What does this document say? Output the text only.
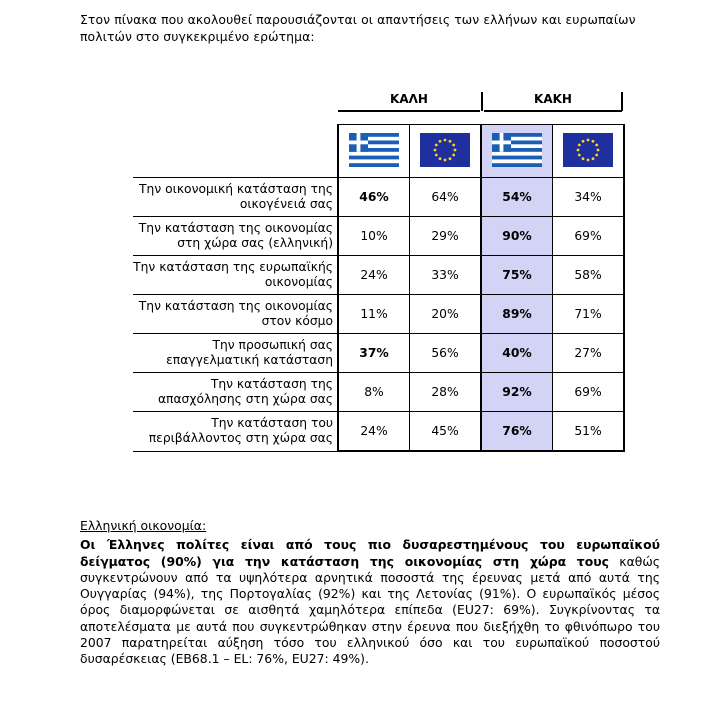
Στον πίνακα που ακολουθεί παρουσιάζονται οι απαντήσεις των ελλήνων και ευρωπαίων πολιτών στο συγκεκριμένο ερώτημα:
ΚΑΛΗ	ΚΑΚΗ

Την οικονομική κατάσταση της οικογένειά σας	46%	64%	54%	34%
Την κατάσταση της οικονομίας στη χώρα σας (ελληνική)	10%	29%	90%	69%
Την κατάσταση της ευρωπαϊκής οικονομίας	24%	33%	75%	58%
Την κατάσταση της οικονομίας στον κόσμο	11%	20%	89%	71%
Την προσωπική σας επαγγελματική κατάσταση	37%	56%	40%	27%
Την κατάσταση της απασχόλησης στη χώρα σας	8%	28%	92%	69%
Την κατάσταση του περιβάλλοντος στη χώρα σας	24%	45%	76%	51%
Ελληνική οικονομία:
Οι Έλληνες πολίτες είναι από τους πιο δυσαρεστημένους του ευρωπαϊκού δείγματος (90%) για την κατάσταση της οικονομίας στη χώρα τους καθώς συγκεντρώνουν από τα υψηλότερα αρνητικά ποσοστά της έρευνας μετά από αυτά της Ουγγαρίας (94%), της Πορτογαλίας (92%) και της Λετονίας (91%). Ο ευρωπαϊκός μέσος όρος διαμορφώνεται σε αισθητά χαμηλότερα επίπεδα (EU27: 69%). Συγκρίνοντας τα αποτελέσματα με αυτά που συγκεντρώθηκαν στην έρευνα που διεξήχθη το φθινόπωρο του 2007 παρατηρείται αύξηση τόσο του ελληνικού όσο και του ευρωπαϊκού ποσοστού δυσαρέσκειας (EB68.1 – EL: 76%, EU27: 49%).
